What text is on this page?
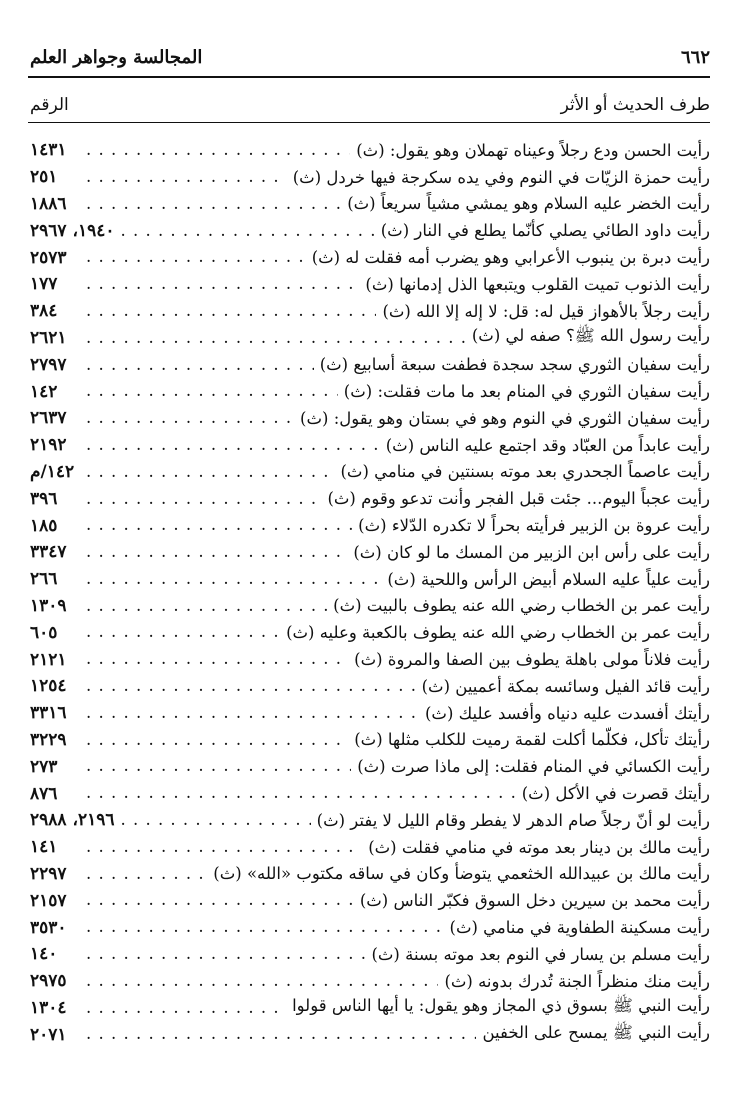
٦٦٢
المجالسة وجواهر العلم
طرف الحديث أو الأثر
الرقم
رأيت الحسن ودع رجلاً وعيناه تهملان وهو يقول: (ث)
. . .
١٤٣١
رأيت حمزة الزيّات في النوم وفي يده سكرجة فيها خردل (ث)
. . .
٢٥١
رأيت الخضر عليه السلام وهو يمشي مشياً سريعاً (ث)
. . .
١٨٨٦
رأيت داود الطائي يصلي كأنّما يطلع في النار (ث)
. . .
١٩٤٠، ٢٩٦٧
رأيت دبرة بن ينبوب الأعرابي وهو يضرب أمه فقلت له (ث)
. . .
٢٥٧٣
رأيت الذنوب تميت القلوب ويتبعها الذل إدمانها (ث)
. . .
١٧٧
رأيت رجلاً بالأهواز قيل له: قل: لا إله إلا الله (ث)
. . .
٣٨٤
رأيت رسول الله ﷺ؟ صفه لي (ث)
. . .
٢٦٢١
رأيت سفيان الثوري سجد سجدة فطفت سبعة أسابيع (ث)
. . .
٢٧٩٧
رأيت سفيان الثوري في المنام بعد ما مات فقلت: (ث)
. . .
١٤٢
رأيت سفيان الثوري في النوم وهو في بستان وهو يقول: (ث)
. . .
٢٦٣٧
رأيت عابداً من العبّاد وقد اجتمع عليه الناس (ث)
. . .
٢١٩٢
رأيت عاصماً الجحدري بعد موته بسنتين في منامي (ث)
. . .
١٤٢/م
رأيت عجباً اليوم... جئت قبل الفجر وأنت تدعو وقوم (ث)
. . .
٣٩٦
رأيت عروة بن الزبير فرأيته بحراً لا تكدره الدّلاء (ث)
. . .
١٨٥
رأيت على رأس ابن الزبير من المسك ما لو كان (ث)
. . .
٣٣٤٧
رأيت علياً عليه السلام أبيض الرأس واللحية (ث)
. . .
٢٦٦
رأيت عمر بن الخطاب رضي الله عنه يطوف بالبيت (ث)
. . .
١٣٠٩
رأيت عمر بن الخطاب رضي الله عنه يطوف بالكعبة وعليه (ث)
. . .
٦٠٥
رأيت فلاناً مولى باهلة يطوف بين الصفا والمروة (ث)
. . .
٢١٢١
رأيت قائد الفيل وسائسه بمكة أعميين (ث)
. . .
١٢٥٤
رأيتك أفسدت عليه دنياه وأفسد عليك (ث)
. . .
٣٣١٦
رأيتك تأكل، فكلّما أكلت لقمة رميت للكلب مثلها (ث)
. . .
٣٢٢٩
رأيت الكسائي في المنام فقلت: إلى ماذا صرت (ث)
. . .
٢٧٣
رأيتك قصرت في الأكل (ث)
. . .
٨٧٦
رأيت لو أنّ رجلاً صام الدهر لا يفطر وقام الليل لا يفتر (ث)
. . .
٢١٩٦، ٢٩٨٨
رأيت مالك بن دينار بعد موته في منامي فقلت (ث)
. . .
١٤١
رأيت مالك بن عبيدالله الخثعمي يتوضأ وكان في ساقه مكتوب «الله» (ث)
. . .
٢٢٩٧
رأيت محمد بن سيرين دخل السوق فكبّر الناس (ث)
. . .
٢١٥٧
رأيت مسكينة الطفاوية في منامي (ث)
. . .
٣٥٣٠
رأيت مسلم بن يسار في النوم بعد موته بسنة (ث)
. . .
١٤٠
رأيت منك منظراً الجنة تُدرك بدونه (ث)
. . .
٢٩٧٥
رأيت النبي ﷺ بسوق ذي المجاز وهو يقول: يا أيها الناس قولوا
. . .
١٣٠٤
رأيت النبي ﷺ يمسح على الخفين
. . .
٢٠٧١
